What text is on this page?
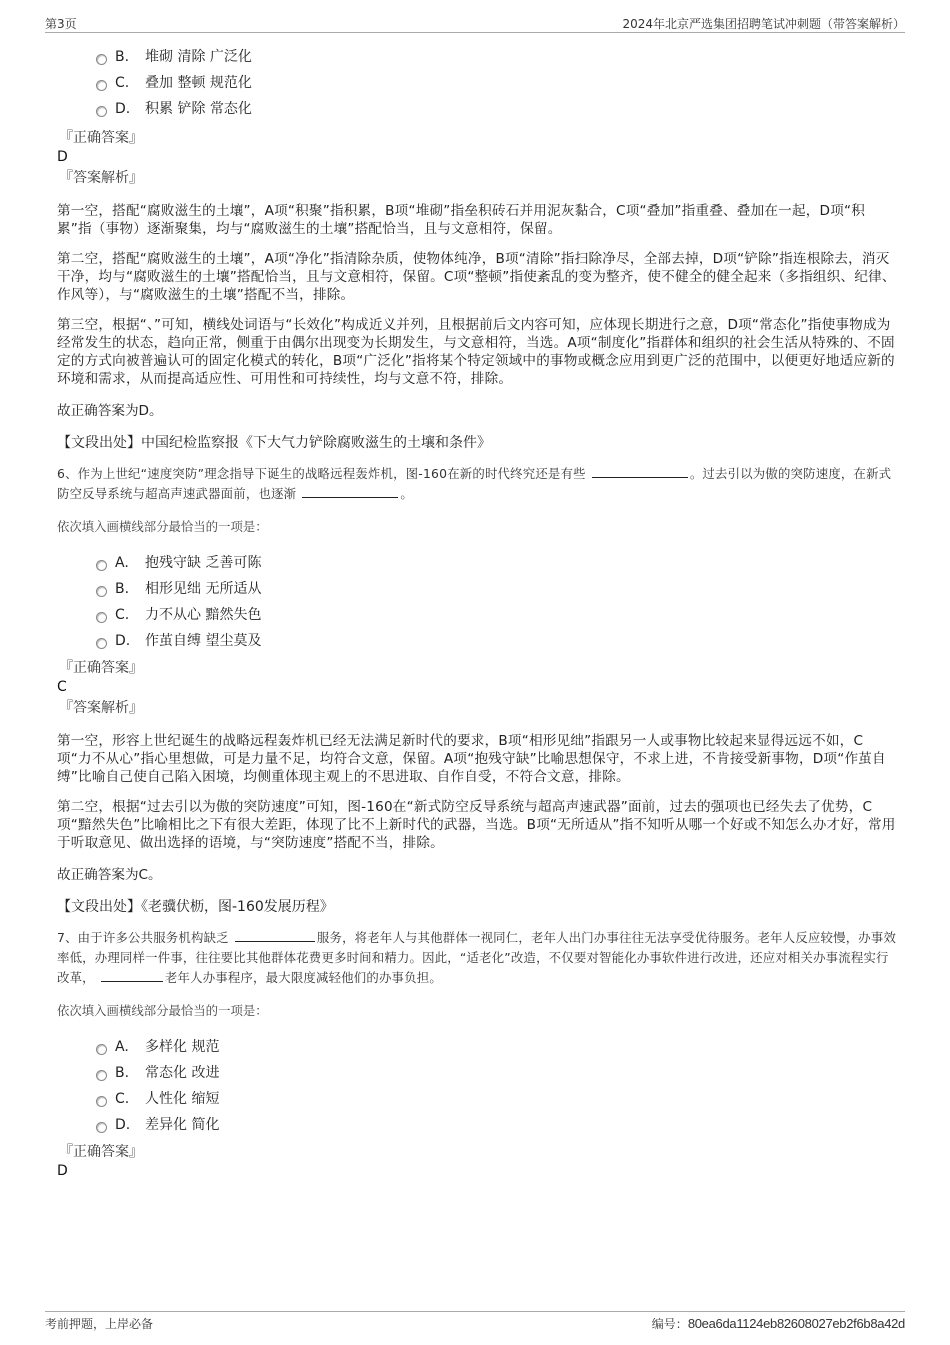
第3页	2024年北京严选集团招聘笔试冲刺题（带答案解析）
B. 堆砌 清除 广泛化
C. 叠加 整顿 规范化
D. 积累 铲除 常态化
『正确答案』
D
『答案解析』
第一空，搭配“腐败滋生的土壤”，A项“积聚”指积累，B项“堆砌”指垒积砖石并用泥灰黏合，C项“叠加”指重叠、叠加在一起，D项“积累”指（事物）逐渐聚集，均与“腐败滋生的土壤”搭配恰当，且与文意相符，保留。
第二空，搭配“腐败滋生的土壤”，A项“净化”指清除杂质，使物体纯净，B项“清除”指扫除净尽，全部去掉，D项“铲除”指连根除去，消灭干净，均与“腐败滋生的土壤”搭配恰当，且与文意相符，保留。C项“整顿”指使紊乱的变为整齐，使不健全的健全起来（多指组织、纪律、作风等），与“腐败滋生的土壤”搭配不当，排除。
第三空，根据“、”可知，横线处词语与“长效化”构成近义并列，且根据前后文内容可知，应体现长期进行之意，D项“常态化”指使事物成为经常发生的状态，趋向正常，侧重于由偶尔出现变为长期发生，与文意相符，当选。A项“制度化”指群体和组织的社会生活从特殊的、不固定的方式向被普遍认可的固定化模式的转化，B项“广泛化”指将某个特定领域中的事物或概念应用到更广泛的范围中，以便更好地适应新的环境和需求，从而提高适应性、可用性和可持续性，均与文意不符，排除。
故正确答案为D。
【文段出处】中国纪检监察报《下大气力铲除腐败滋生的土壤和条件》
6、作为上世纪“速度突防”理念指导下诞生的战略远程轰炸机，图-160在新的时代终究还是有些	。过去引以为傲的突防速度，在新式防空反导系统与超高声速武器面前，也逐渐	。
依次填入画横线部分最恰当的一项是：
A. 抱残守缺 乏善可陈
B. 相形见绌 无所适从
C. 力不从心 黯然失色
D. 作茧自缚 望尘莫及
『正确答案』
C
『答案解析』
第一空，形容上世纪诞生的战略远程轰炸机已经无法满足新时代的要求，B项“相形见绌”指跟另一人或事物比较起来显得远远不如，C项“力不从心”指心里想做，可是力量不足，均符合文意，保留。A项“抱残守缺”比喻思想保守，不求上进，不肯接受新事物，D项“作茧自缚”比喻自己使自己陷入困境，均侧重体现主观上的不思进取、自作自受，不符合文意，排除。
第二空，根据“过去引以为傲的突防速度”可知，图-160在“新式防空反导系统与超高声速武器”面前，过去的强项也已经失去了优势，C项“黯然失色”比喻相比之下有很大差距，体现了比不上新时代的武器，当选。B项“无所适从”指不知听从哪一个好或不知怎么办才好，常用于听取意见、做出选择的语境，与“突防速度”搭配不当，排除。
故正确答案为C。
【文段出处】《老骥伏枥，图-160发展历程》
7、由于许多公共服务机构缺乏	服务，将老年人与其他群体一视同仁，老年人出门办事往往无法享受优待服务。老年人反应较慢，办事效率低，办理同样一件事，往往要比其他群体花费更多时间和精力。因此，“适老化”改造，不仅要对智能化办事软件进行改进，还应对相关办事流程实行改革，	老年人办事程序，最大限度减轻他们的办事负担。
依次填入画横线部分最恰当的一项是：
A. 多样化 规范
B. 常态化 改进
C. 人性化 缩短
D. 差异化 简化
『正确答案』
D
考前押题，上岸必备	编号：80ea6da1124eb82608027eb2f6b8a42d
